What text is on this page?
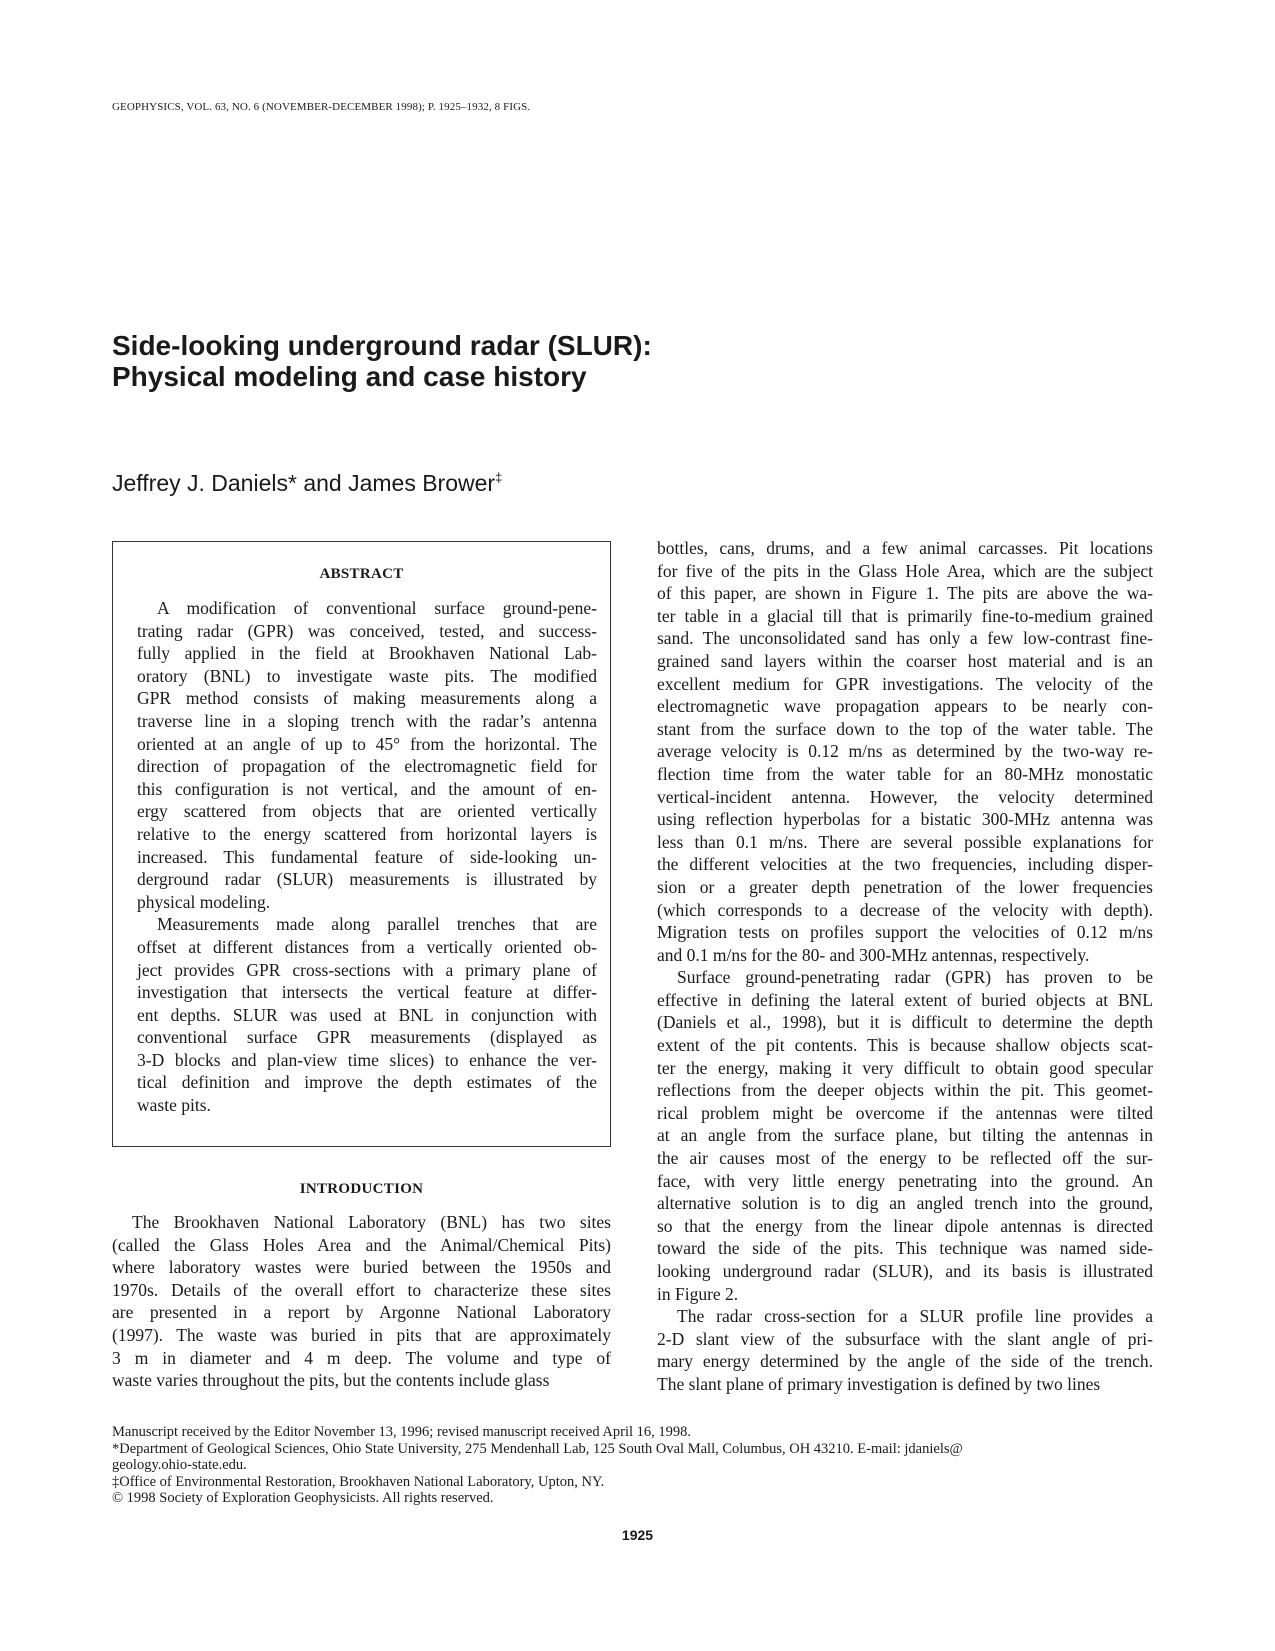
GEOPHYSICS, VOL. 63, NO. 6 (NOVEMBER-DECEMBER 1998); P. 1925–1932, 8 FIGS.
Side-looking underground radar (SLUR):
Physical modeling and case history
Jeffrey J. Daniels* and James Brower‡
ABSTRACT
A modification of conventional surface ground-pene-
trating radar (GPR) was conceived, tested, and success-
fully applied in the field at Brookhaven National Lab-
oratory (BNL) to investigate waste pits. The modified
GPR method consists of making measurements along a
traverse line in a sloping trench with the radar’s antenna
oriented at an angle of up to 45° from the horizontal. The
direction of propagation of the electromagnetic field for
this configuration is not vertical, and the amount of en-
ergy scattered from objects that are oriented vertically
relative to the energy scattered from horizontal layers is
increased. This fundamental feature of side-looking un-
derground radar (SLUR) measurements is illustrated by
physical modeling.
Measurements made along parallel trenches that are
offset at different distances from a vertically oriented ob-
ject provides GPR cross-sections with a primary plane of
investigation that intersects the vertical feature at differ-
ent depths. SLUR was used at BNL in conjunction with
conventional surface GPR measurements (displayed as
3-D blocks and plan-view time slices) to enhance the ver-
tical definition and improve the depth estimates of the
waste pits.
INTRODUCTION
The Brookhaven National Laboratory (BNL) has two sites
(called the Glass Holes Area and the Animal/Chemical Pits)
where laboratory wastes were buried between the 1950s and
1970s. Details of the overall effort to characterize these sites
are presented in a report by Argonne National Laboratory
(1997). The waste was buried in pits that are approximately
3 m in diameter and 4 m deep. The volume and type of
waste varies throughout the pits, but the contents include glass
bottles, cans, drums, and a few animal carcasses. Pit locations
for five of the pits in the Glass Hole Area, which are the subject
of this paper, are shown in Figure 1. The pits are above the wa-
ter table in a glacial till that is primarily fine-to-medium grained
sand. The unconsolidated sand has only a few low-contrast fine-
grained sand layers within the coarser host material and is an
excellent medium for GPR investigations. The velocity of the
electromagnetic wave propagation appears to be nearly con-
stant from the surface down to the top of the water table. The
average velocity is 0.12 m/ns as determined by the two-way re-
flection time from the water table for an 80-MHz monostatic
vertical-incident antenna. However, the velocity determined
using reflection hyperbolas for a bistatic 300-MHz antenna was
less than 0.1 m/ns. There are several possible explanations for
the different velocities at the two frequencies, including disper-
sion or a greater depth penetration of the lower frequencies
(which corresponds to a decrease of the velocity with depth).
Migration tests on profiles support the velocities of 0.12 m/ns
and 0.1 m/ns for the 80- and 300-MHz antennas, respectively.
Surface ground-penetrating radar (GPR) has proven to be
effective in defining the lateral extent of buried objects at BNL
(Daniels et al., 1998), but it is difficult to determine the depth
extent of the pit contents. This is because shallow objects scat-
ter the energy, making it very difficult to obtain good specular
reflections from the deeper objects within the pit. This geomet-
rical problem might be overcome if the antennas were tilted
at an angle from the surface plane, but tilting the antennas in
the air causes most of the energy to be reflected off the sur-
face, with very little energy penetrating into the ground. An
alternative solution is to dig an angled trench into the ground,
so that the energy from the linear dipole antennas is directed
toward the side of the pits. This technique was named side-
looking underground radar (SLUR), and its basis is illustrated
in Figure 2.
The radar cross-section for a SLUR profile line provides a
2-D slant view of the subsurface with the slant angle of pri-
mary energy determined by the angle of the side of the trench.
The slant plane of primary investigation is defined by two lines
Manuscript received by the Editor November 13, 1996; revised manuscript received April 16, 1998.
*Department of Geological Sciences, Ohio State University, 275 Mendenhall Lab, 125 South Oval Mall, Columbus, OH 43210. E-mail: jdaniels@
geology.ohio-state.edu.
‡Office of Environmental Restoration, Brookhaven National Laboratory, Upton, NY.
© 1998 Society of Exploration Geophysicists. All rights reserved.
1925
